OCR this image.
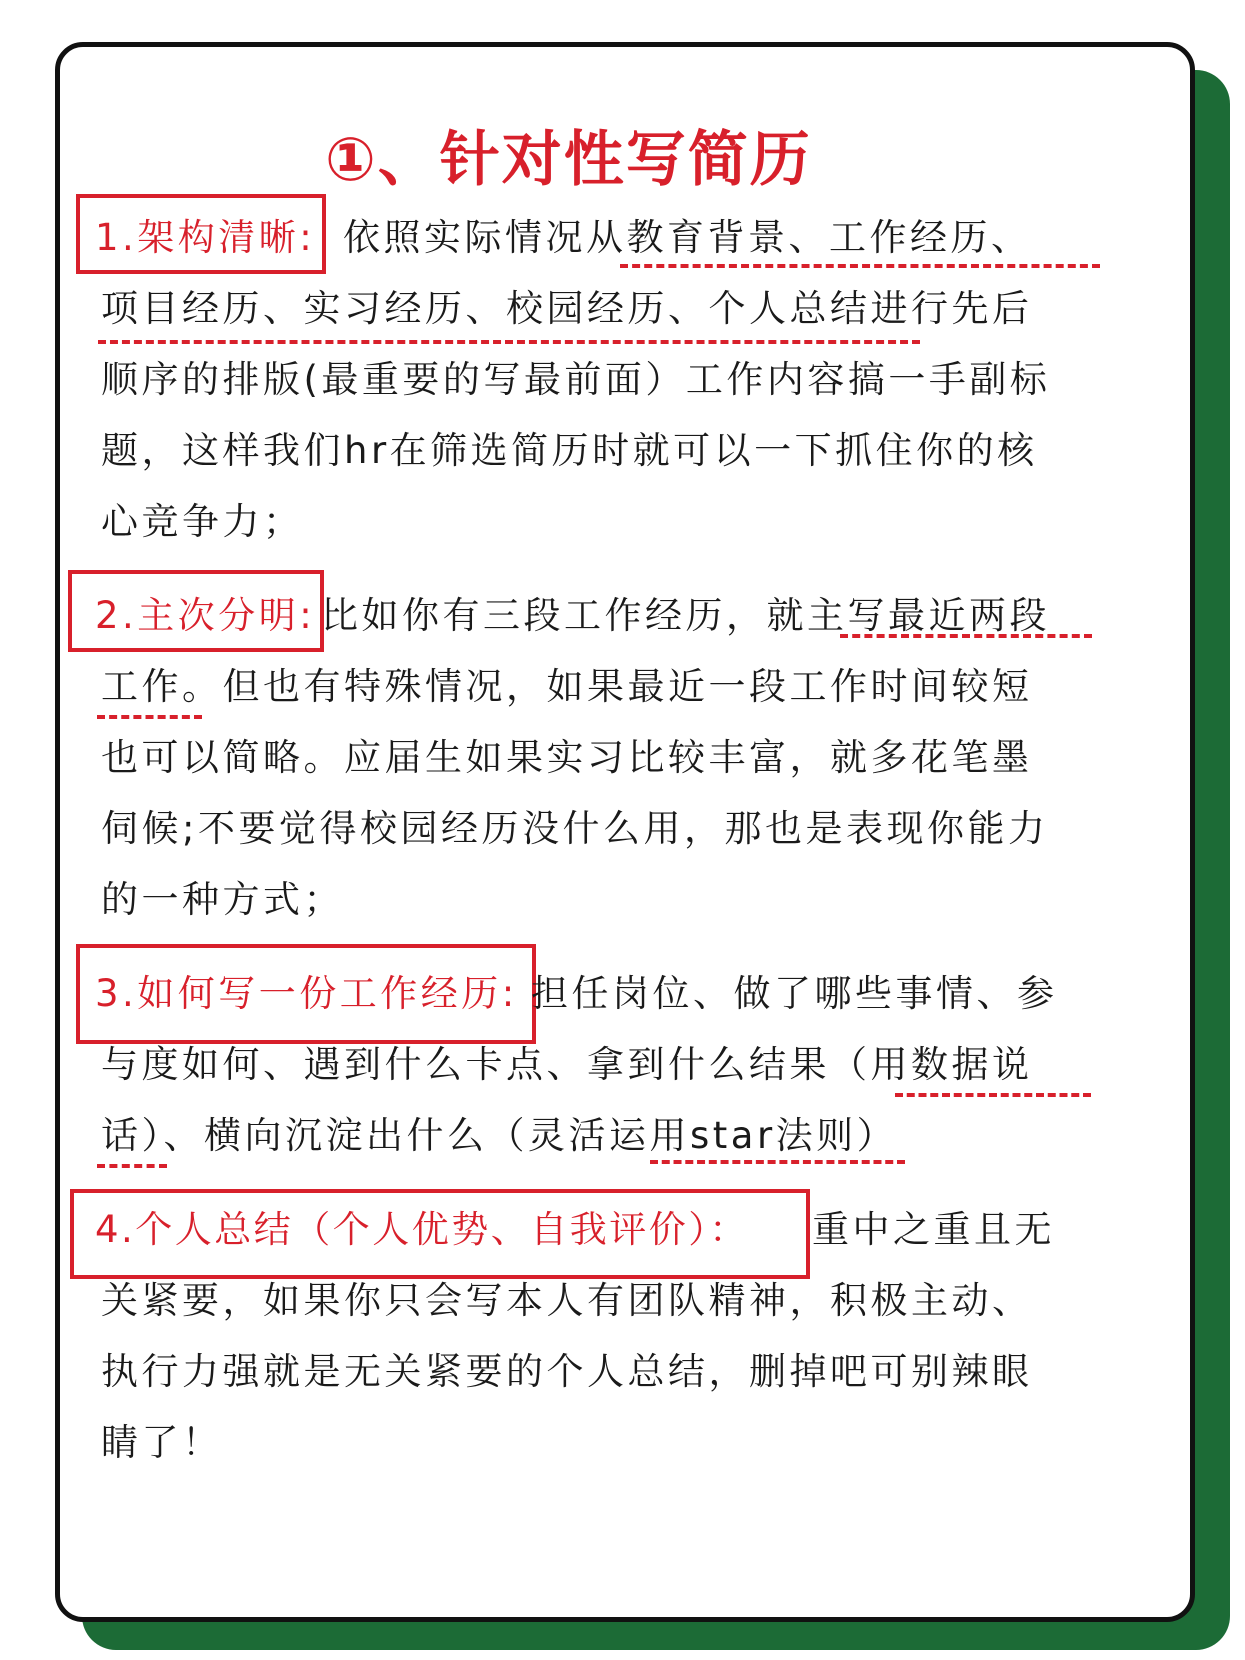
①、针对性写简历
1.架构清晰: 依照实际情况从教育背景、工作经历、
项目经历、实习经历、校园经历、个人总结进行先后
顺序的排版(最重要的写最前面）工作内容搞一手副标
题，这样我们hr在筛选简历时就可以一下抓住你的核
心竞争力；
2.主次分明: 比如你有三段工作经历，就主写最近两段
工作。但也有特殊情况，如果最近一段工作时间较短
也可以简略。应届生如果实习比较丰富，就多花笔墨
伺候;不要觉得校园经历没什么用，那也是表现你能力
的一种方式；
3.如何写一份工作经历: 担任岗位、做了哪些事情、参
与度如何、遇到什么卡点、拿到什么结果（用数据说
话）、横向沉淀出什么（灵活运用star法则）
4.个人总结（个人优势、自我评价）： 重中之重且无
关紧要，如果你只会写本人有团队精神，积极主动、
执行力强就是无关紧要的个人总结，删掉吧可别辣眼
睛了！
